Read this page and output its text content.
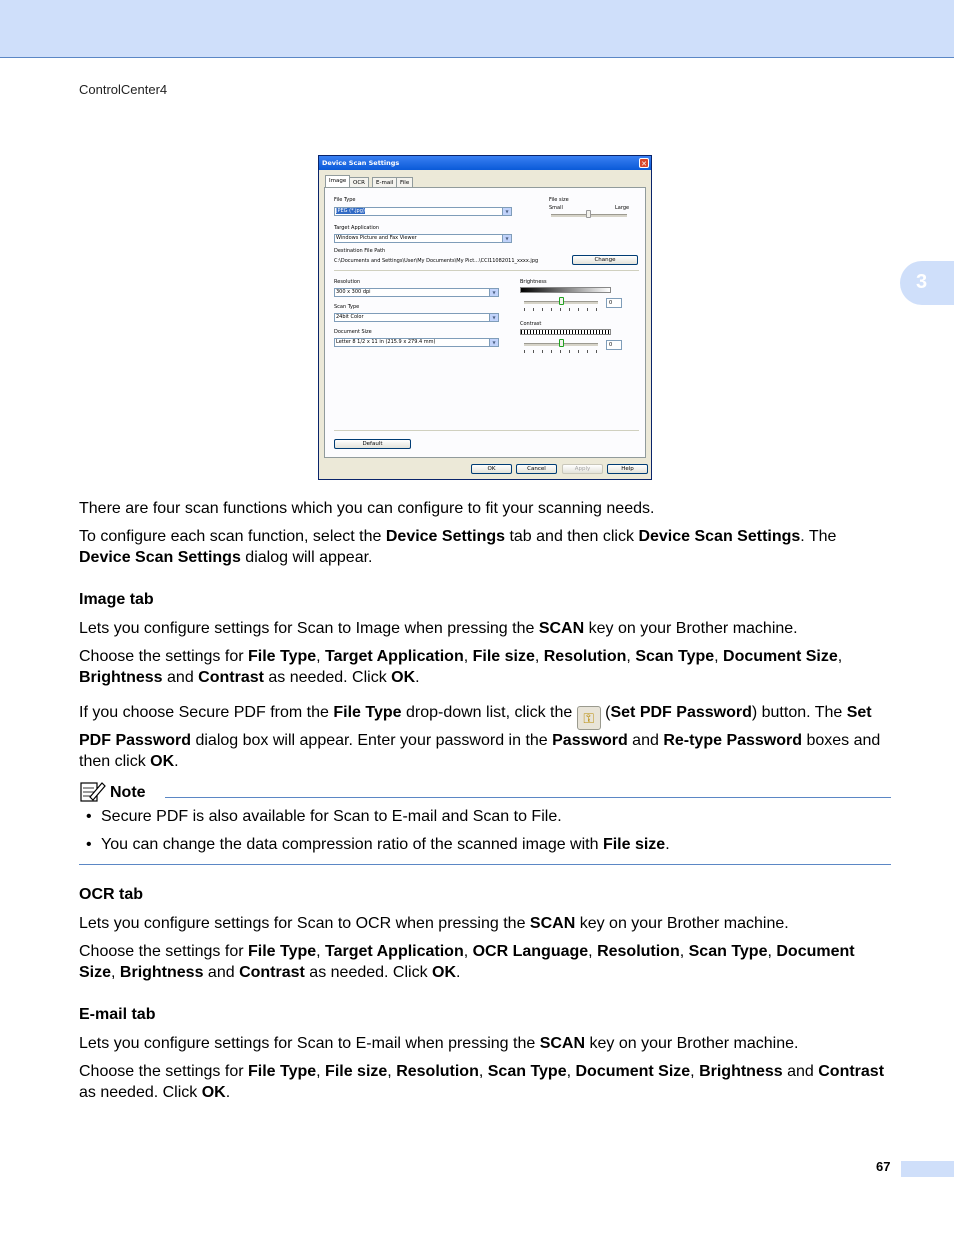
ControlCenter4
3
Device Scan Settings	✕
Image	OCR	E-mail	File
File Type
JPEG (*.jpg)	▼
File size
Small	Large
Target Application
Windows Picture and Fax Viewer	▼
Destination File Path
C:\Documents and Settings\User\My Documents\My Pict...\CCI11082011_xxxx.jpg	Change
Resolution
300 x 300 dpi	▼
Scan Type
24bit Color	▼
Document Size
Letter 8 1/2 x 11 in (215.9 x 279.4 mm)	▼
Brightness
0
Contrast
0
Default
OK	Cancel	Apply	Help
There are four scan functions which you can configure to fit your scanning needs.
To configure each scan function, select the Device Settings tab and then click Device Scan Settings. The Device Scan Settings dialog will appear.
Image tab
Lets you configure settings for Scan to Image when pressing the SCAN key on your Brother machine.
Choose the settings for File Type, Target Application, File size, Resolution, Scan Type, Document Size, Brightness and Contrast as needed. Click OK.
If you choose Secure PDF from the File Type drop-down list, click the ⚿ (Set PDF Password) button. The Set PDF Password dialog box will appear. Enter your password in the Password and Re-type Password boxes and then click OK.
Note
• Secure PDF is also available for Scan to E-mail and Scan to File.
• You can change the data compression ratio of the scanned image with File size.
OCR tab
Lets you configure settings for Scan to OCR when pressing the SCAN key on your Brother machine.
Choose the settings for File Type, Target Application, OCR Language, Resolution, Scan Type, Document Size, Brightness and Contrast as needed. Click OK.
E-mail tab
Lets you configure settings for Scan to E-mail when pressing the SCAN key on your Brother machine.
Choose the settings for File Type, File size, Resolution, Scan Type, Document Size, Brightness and Contrast as needed. Click OK.
67
